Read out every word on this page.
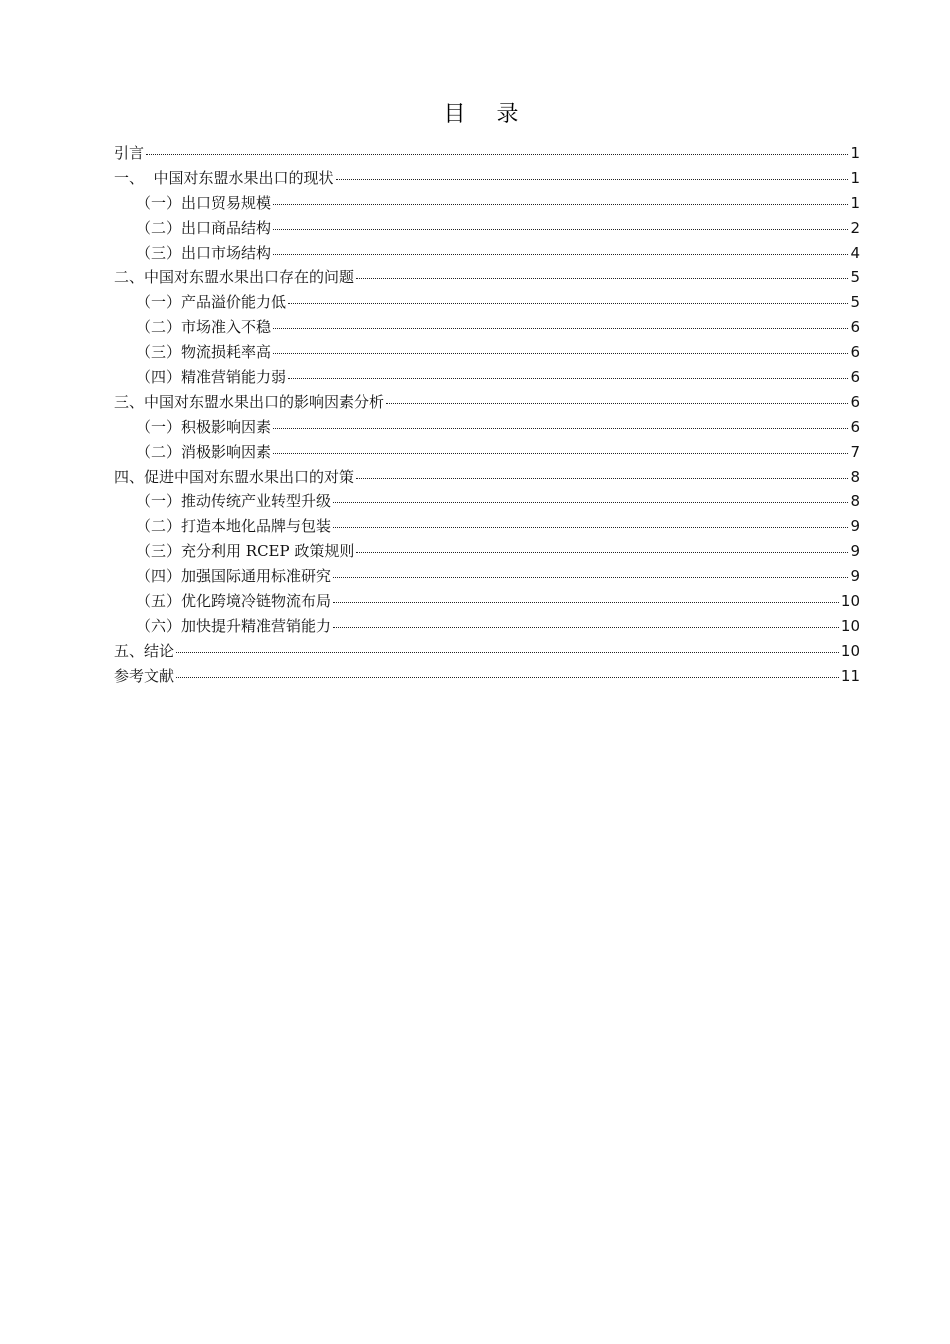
目 录
引言	1
一、  中国对东盟水果出口的现状	1
（一）出口贸易规模	1
（二）出口商品结构	2
（三）出口市场结构	4
二、中国对东盟水果出口存在的问题	5
（一）产品溢价能力低	5
（二）市场准入不稳	6
（三）物流损耗率高	6
（四）精准营销能力弱	6
三、中国对东盟水果出口的影响因素分析	6
（一）积极影响因素	6
（二）消极影响因素	7
四、促进中国对东盟水果出口的对策	8
（一）推动传统产业转型升级	8
（二）打造本地化品牌与包装	9
（三）充分利用 RCEP 政策规则	9
（四）加强国际通用标准研究	9
（五）优化跨境冷链物流布局	10
（六）加快提升精准营销能力	10
五、结论	10
参考文献	11
